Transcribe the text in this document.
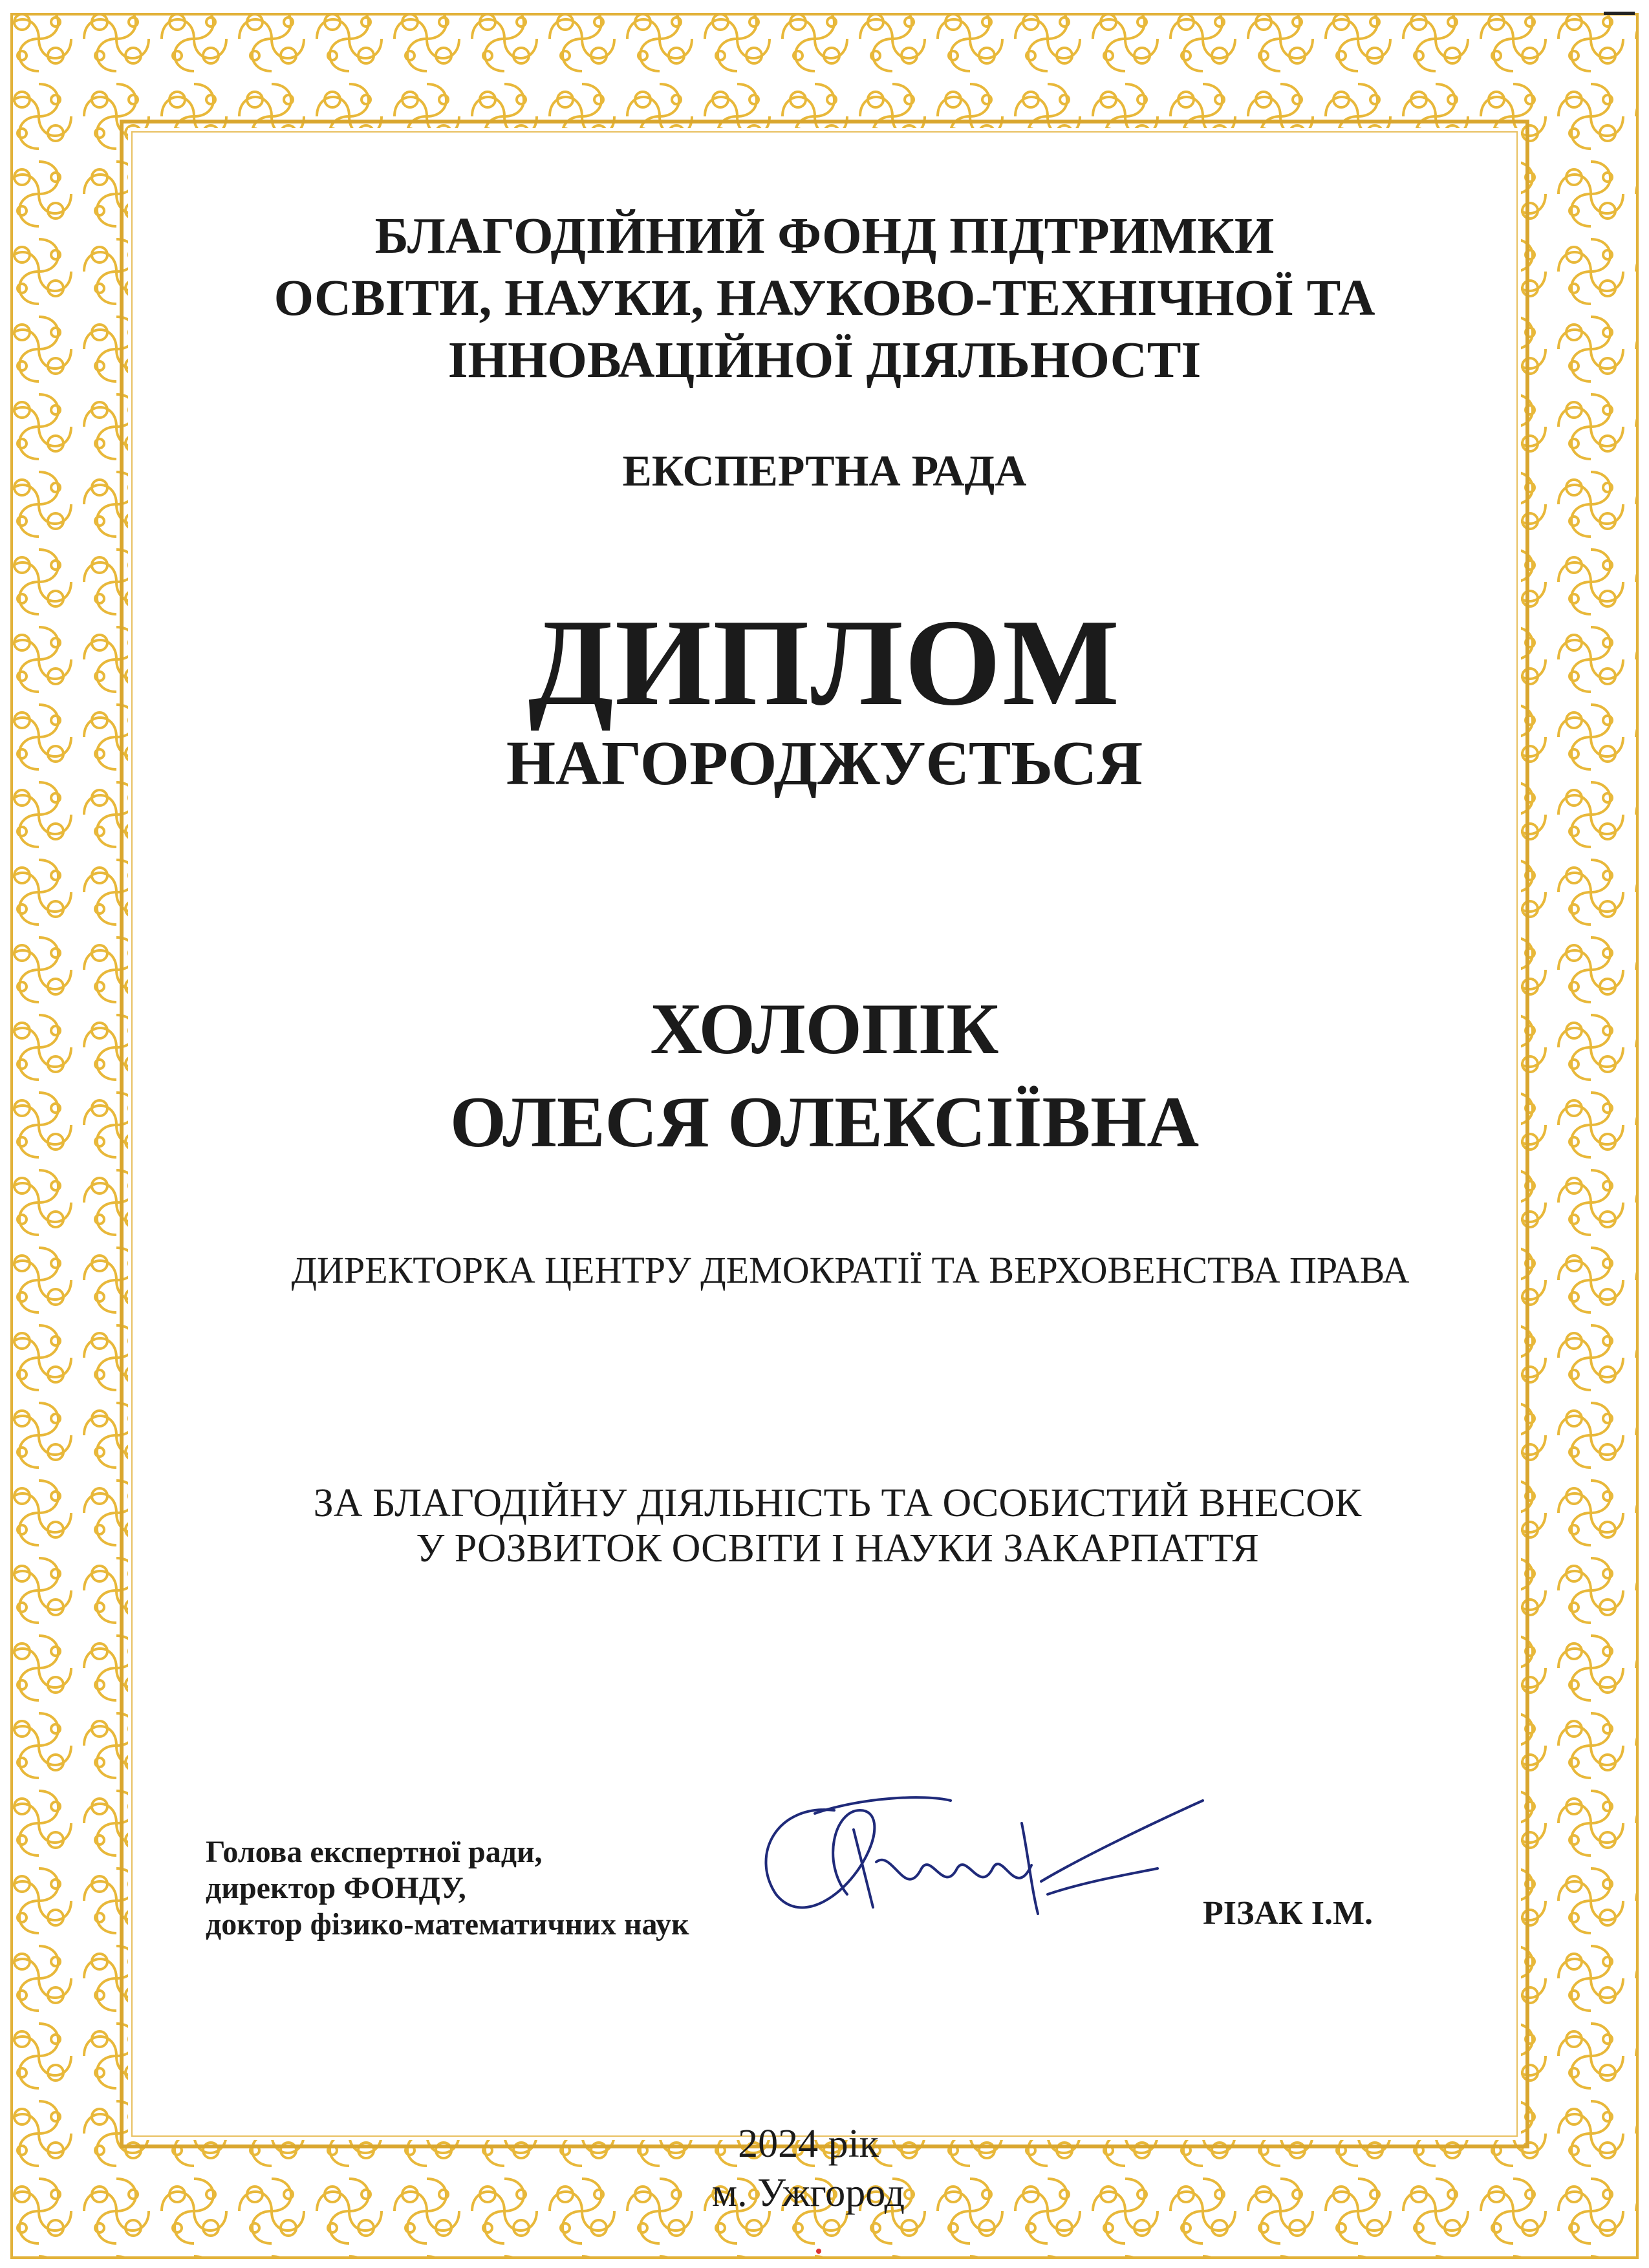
БЛАГОДІЙНИЙ ФОНД ПІДТРИМКИ
ОСВІТИ, НАУКИ, НАУКОВО-ТЕХНІЧНОЇ ТА
ІННОВАЦІЙНОЇ ДІЯЛЬНОСТІ
ЕКСПЕРТНА РАДА
ДИПЛОМ
НАГОРОДЖУЄТЬСЯ
ХОЛОПІК
ОЛЕСЯ ОЛЕКСІЇВНА
ДИРЕКТОРКА ЦЕНТРУ ДЕМОКРАТІЇ ТА ВЕРХОВЕНСТВА ПРАВА
ЗА БЛАГОДІЙНУ ДІЯЛЬНІСТЬ ТА ОСОБИСТИЙ ВНЕСОК
У РОЗВИТОК ОСВІТИ І НАУКИ ЗАКАРПАТТЯ
Голова експертної ради,
директор ФОНДУ,
доктор фізико-математичних наук	РІЗАК І.М.
2024 рік
м. Ужгород
